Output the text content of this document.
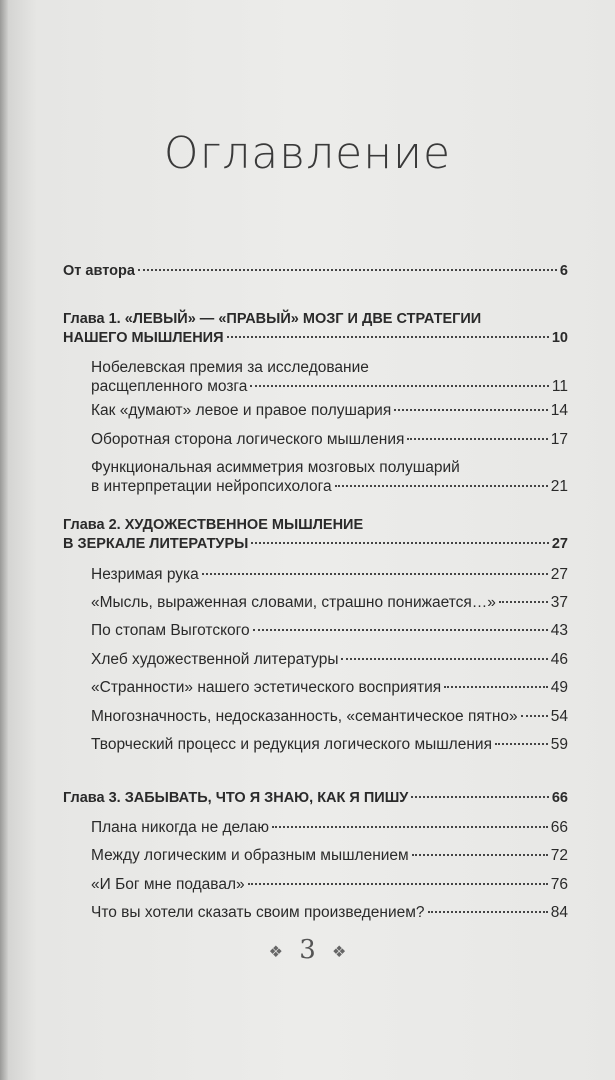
Оглавление
От автора	6
Глава 1. «ЛЕВЫЙ» — «ПРАВЫЙ» МОЗГ И ДВЕ СТРАТЕГИИ
НАШЕГО МЫШЛЕНИЯ	10
Нобелевская премия за исследование
расщепленного мозга	11
Как «думают» левое и правое полушария	14
Оборотная сторона логического мышления	17
Функциональная асимметрия мозговых полушарий
в интерпретации нейропсихолога	21
Глава 2. ХУДОЖЕСТВЕННОЕ МЫШЛЕНИЕ
В ЗЕРКАЛЕ ЛИТЕРАТУРЫ	27
Незримая рука	27
«Мысль, выраженная словами, страшно понижается…»	37
По стопам Выготского	43
Хлеб художественной литературы	46
«Странности» нашего эстетического восприятия	49
Многозначность, недосказанность, «семантическое пятно» 54
Творческий процесс и редукция логического мышления	59
Глава 3. ЗАБЫВАТЬ, ЧТО Я ЗНАЮ, КАК Я ПИШУ	66
Плана никогда не делаю	66
Между логическим и образным мышлением	72
«И Бог мне подавал»	76
Что вы хотели сказать своим произведением?	84
❖ 3 ❖
